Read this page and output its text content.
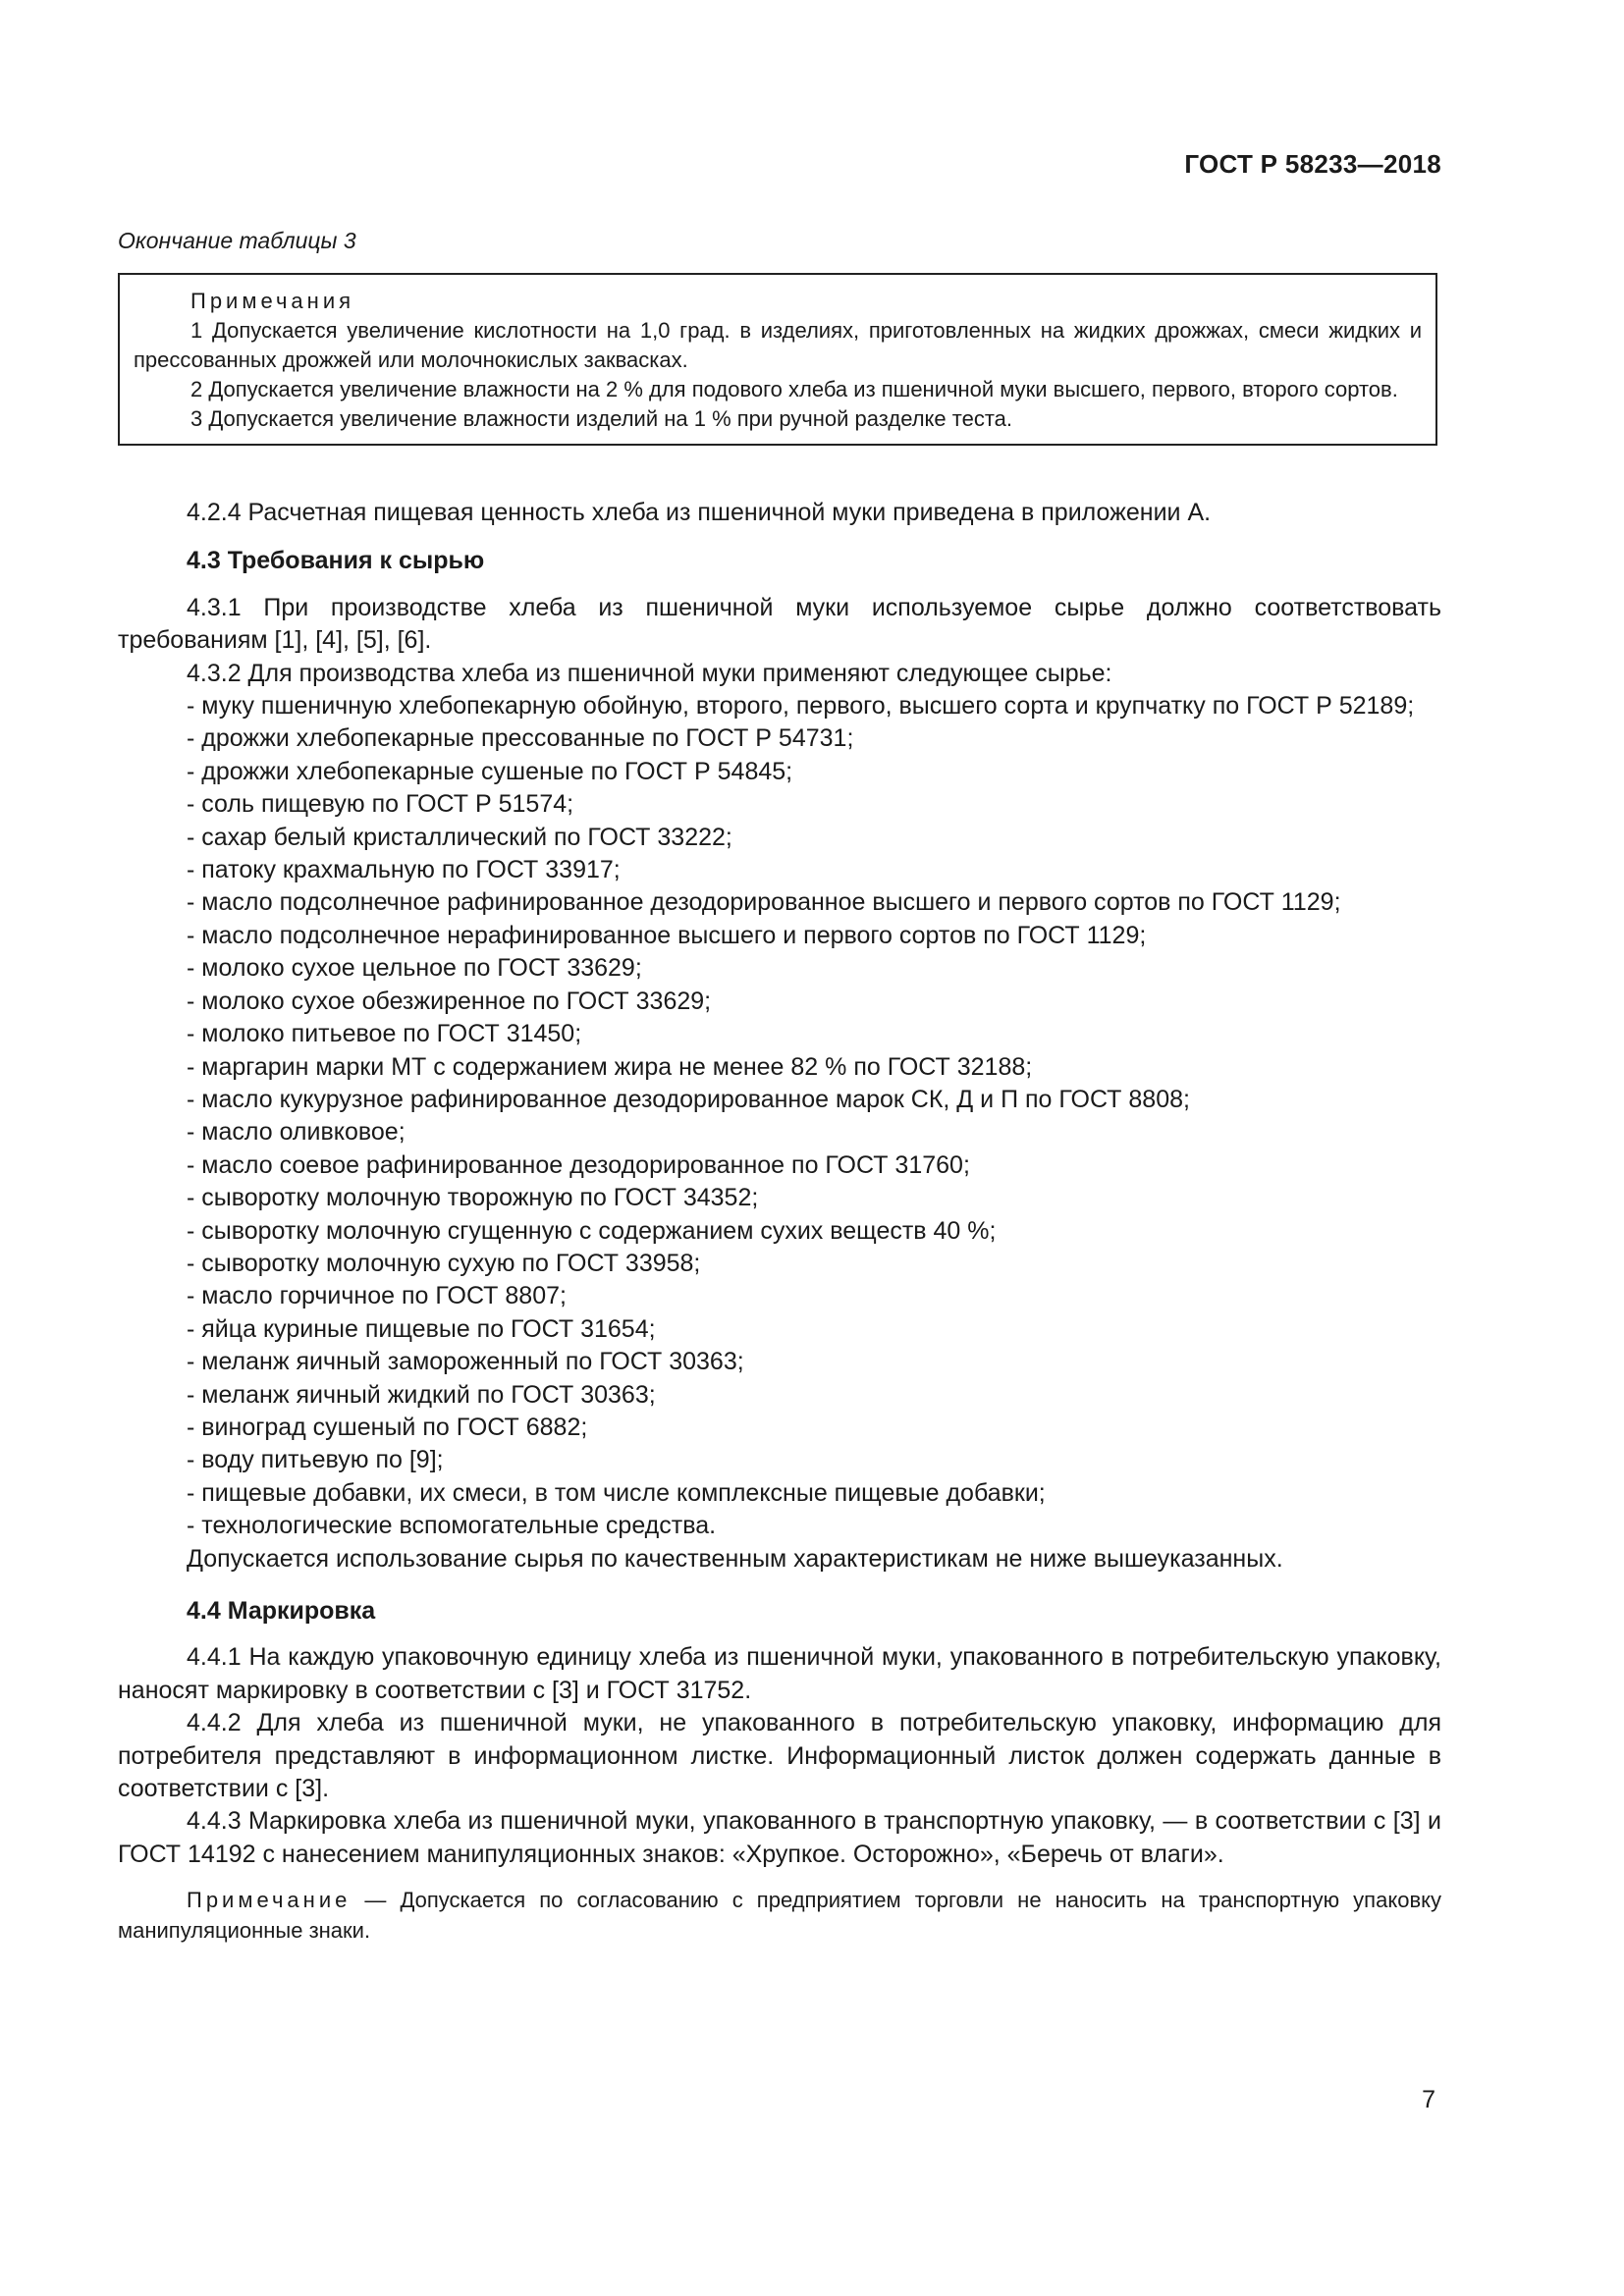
ГОСТ Р 58233—2018
Окончание таблицы 3

Примечания

1 Допускается увеличение кислотности на 1,0 град. в изделиях, приготовленных на жидких дрожжах, смеси жидких и прессованных дрожжей или молочнокислых заквасках.

2 Допускается увеличение влажности на 2 % для подового хлеба из пшеничной муки высшего, первого, второго сортов.

3 Допускается увеличение влажности изделий на 1 % при ручной разделке теста.

4.2.4 Расчетная пищевая ценность хлеба из пшеничной муки приведена в приложении А.

4.3 Требования к сырью

4.3.1 При производстве хлеба из пшеничной муки используемое сырье должно соответствовать требованиям [1], [4], [5], [6].

4.3.2 Для производства хлеба из пшеничной муки применяют следующее сырье:

- муку пшеничную хлебопекарную обойную, второго, первого, высшего сорта и крупчатку по ГОСТ Р 52189;

- дрожжи хлебопекарные прессованные по ГОСТ Р 54731;

- дрожжи хлебопекарные сушеные по ГОСТ Р 54845;

- соль пищевую по ГОСТ Р 51574;

- сахар белый кристаллический по ГОСТ 33222;

- патоку крахмальную по ГОСТ 33917;

- масло подсолнечное рафинированное дезодорированное высшего и первого сортов по ГОСТ 1129;

- масло подсолнечное нерафинированное высшего и первого сортов по ГОСТ 1129;

- молоко сухое цельное по ГОСТ 33629;

- молоко сухое обезжиренное по ГОСТ 33629;

- молоко питьевое по ГОСТ 31450;

- маргарин марки МТ с содержанием жира не менее 82 % по ГОСТ 32188;

- масло кукурузное рафинированное дезодорированное марок СК, Д и П по ГОСТ 8808;

- масло оливковое;

- масло соевое рафинированное дезодорированное по ГОСТ 31760;

- сыворотку молочную творожную по ГОСТ 34352;

- сыворотку молочную сгущенную с содержанием сухих веществ 40 %;

- сыворотку молочную сухую по ГОСТ 33958;

- масло горчичное по ГОСТ 8807;

- яйца куриные пищевые по ГОСТ 31654;

- меланж яичный замороженный по ГОСТ 30363;

- меланж яичный жидкий по ГОСТ 30363;

- виноград сушеный по ГОСТ 6882;

- воду питьевую по [9];

- пищевые добавки, их смеси, в том числе комплексные пищевые добавки;

- технологические вспомогательные средства.

Допускается использование сырья по качественным характеристикам не ниже вышеуказанных.

4.4 Маркировка

4.4.1 На каждую упаковочную единицу хлеба из пшеничной муки, упакованного в потребительскую упаковку, наносят маркировку в соответствии с [3] и ГОСТ 31752.

4.4.2 Для хлеба из пшеничной муки, не упакованного в потребительскую упаковку, информацию для потребителя представляют в информационном листке. Информационный листок должен содержать данные в соответствии с [3].

4.4.3 Маркировка хлеба из пшеничной муки, упакованного в транспортную упаковку, — в соответствии с [3] и ГОСТ 14192 с нанесением манипуляционных знаков: «Хрупкое. Осторожно», «Беречь от влаги».

Примечание — Допускается по согласованию с предприятием торговли не наносить на транспортную упаковку манипуляционные знаки.

7
